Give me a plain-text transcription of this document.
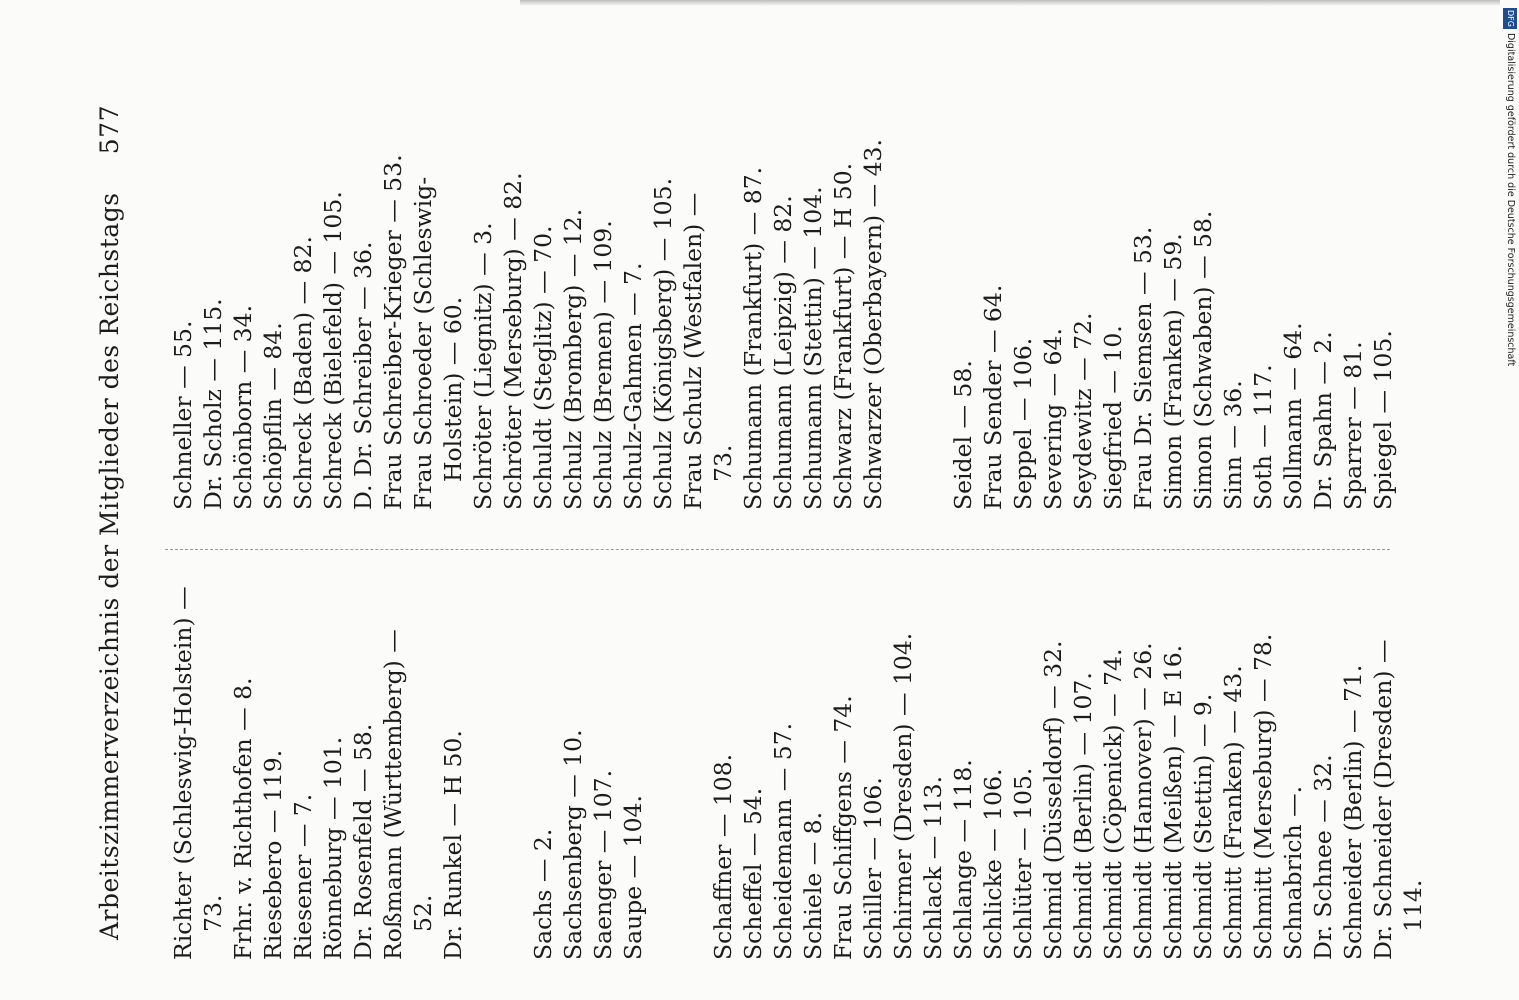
Arbeitszimmerverzeichnis der Mitglieder des Reichstags
577
Richter (Schleswig-Holstein) — 73. Frhr. v. Richthofen — 8. Riesebero — 119. Riesener — 7. Rönneburg — 101. Dr. Rosenfeld — 58. Roßmann (Württemberg) — 52. Dr. Runkel — H 50.	Sachs — 2. Sachsenberg — 10. Saenger — 107. Saupe — 104.	Schaffner — 108. Scheffel — 54. Scheidemann — 57. Schiele — 8. Frau Schiffgens — 74. Schiller — 106. Schirmer (Dresden) — 104. Schlack — 113. Schlange — 118. Schlicke — 106. Schlüter — 105. Schmid (Düsseldorf) — 32. Schmidt (Berlin) — 107. Schmidt (Cöpenick) — 74. Schmidt (Hannover) — 26. Schmidt (Meißen) — E 16. Schmidt (Stettin) — 9. Schmitt (Franken) — 43. Schmitt (Merseburg) — 78. Schnabrich —. Dr. Schnee — 32. Schneider (Berlin) — 71. Dr. Schneider (Dresden) — 114.
Schneller — 55. Dr. Scholz — 115. Schönborn — 34. Schöpflin — 84. Schreck (Baden) — 82. Schreck (Bielefeld) — 105. D. Dr. Schreiber — 36. Frau Schreiber-Krieger — 53. Frau Schroeder (Schleswig- Holstein) — 60. Schröter (Liegnitz) — 3. Schröter (Merseburg) — 82. Schuldt (Steglitz) — 70. Schulz (Bromberg) — 12. Schulz (Bremen) — 109. Schulz-Gahmen — 7. Schulz (Königsberg) — 105. Frau Schulz (Westfalen) — 73. Schumann (Frankfurt) — 87. Schumann (Leipzig) — 82. Schumann (Stettin) — 104. Schwarz (Frankfurt) — H 50. Schwarzer (Oberbayern) — 43.	Seidel — 58. Frau Sender — 64. Seppel — 106. Severing — 64. Seydewitz — 72. Siegfried — 10. Frau Dr. Siemsen — 53. Simon (Franken) — 59. Simon (Schwaben) — 58. Sinn — 36. Soth — 117. Sollmann — 64. Dr. Spahn — 2. Sparrer — 81. Spiegel — 105.
DFGDigitalisierung gefördert durch die Deutsche Forschungsgemeinschaft
